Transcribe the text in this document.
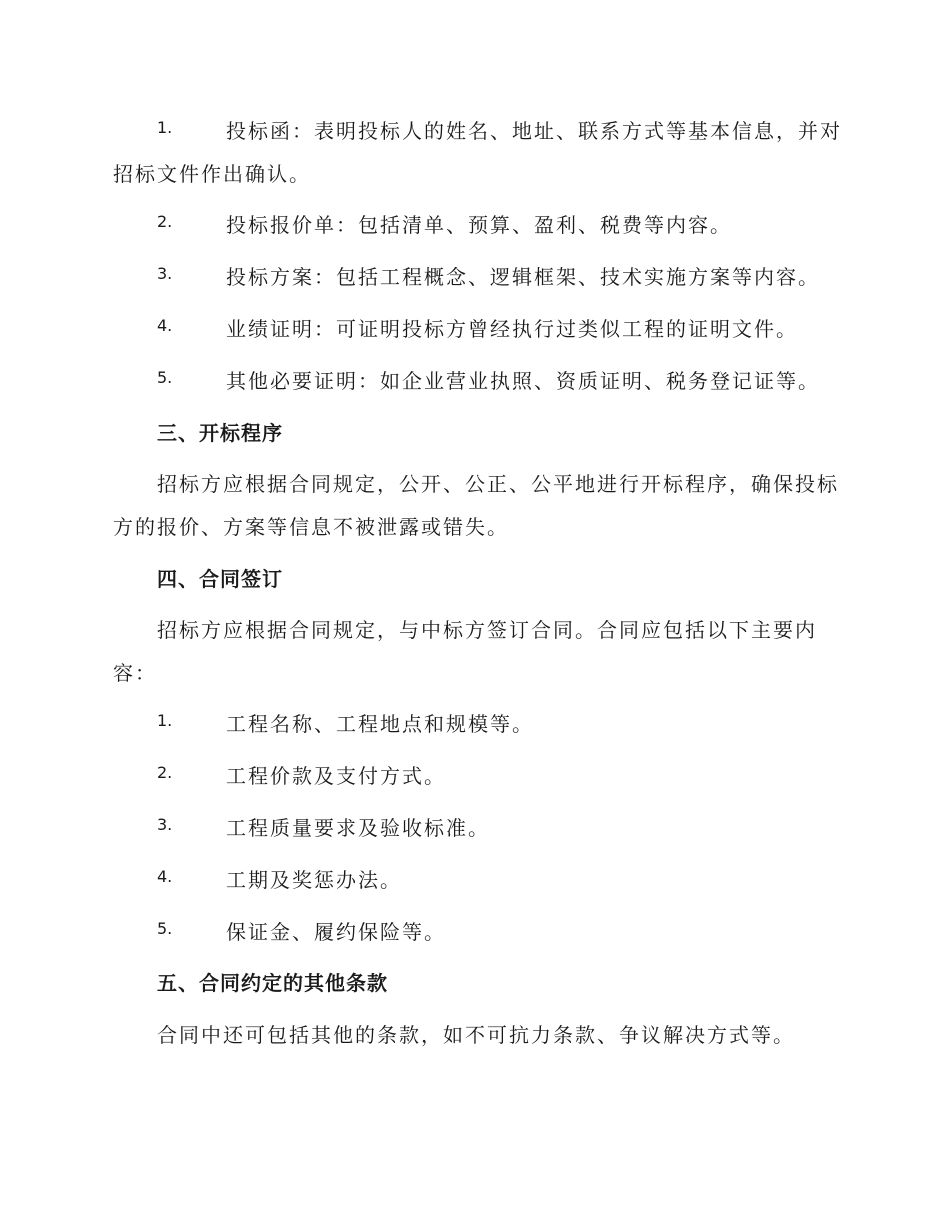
1.	投标函：表明投标人的姓名、地址、联系方式等基本信息，并对
招标文件作出确认。
2.	投标报价单：包括清单、预算、盈利、税费等内容。
3.	投标方案：包括工程概念、逻辑框架、技术实施方案等内容。
4.	业绩证明：可证明投标方曾经执行过类似工程的证明文件。
5.	其他必要证明：如企业营业执照、资质证明、税务登记证等。
三、开标程序
招标方应根据合同规定，公开、公正、公平地进行开标程序，确保投标
方的报价、方案等信息不被泄露或错失。
四、合同签订
招标方应根据合同规定，与中标方签订合同。合同应包括以下主要内
容：
1.	工程名称、工程地点和规模等。
2.	工程价款及支付方式。
3.	工程质量要求及验收标准。
4.	工期及奖惩办法。
5.	保证金、履约保险等。
五、合同约定的其他条款
合同中还可包括其他的条款，如不可抗力条款、争议解决方式等。
